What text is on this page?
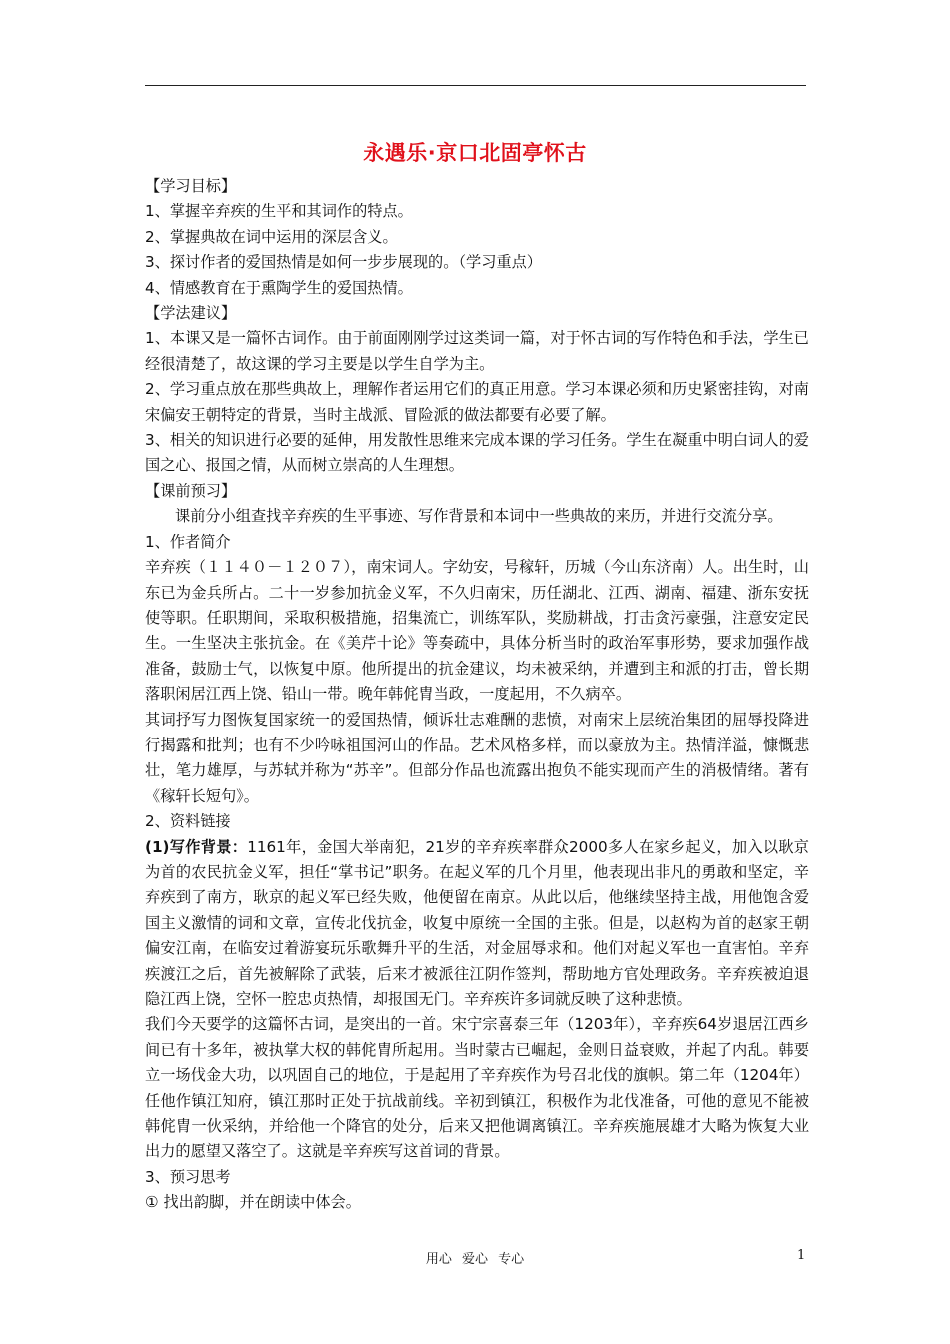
永遇乐·京口北固亭怀古

【学习目标】

1、掌握辛弃疾的生平和其词作的特点。

2、掌握典故在词中运用的深层含义。

3、探讨作者的爱国热情是如何一步步展现的。（学习重点）

4、情感教育在于熏陶学生的爱国热情。

【学法建议】

1、本课又是一篇怀古词作。由于前面刚刚学过这类词一篇，对于怀古词的写作特色和手法，学生已经很清楚了，故这课的学习主要是以学生自学为主。

2、学习重点放在那些典故上，理解作者运用它们的真正用意。学习本课必须和历史紧密挂钩，对南宋偏安王朝特定的背景，当时主战派、冒险派的做法都要有必要了解。

3、相关的知识进行必要的延伸，用发散性思维来完成本课的学习任务。学生在凝重中明白词人的爱国之心、报国之情，从而树立崇高的人生理想。

【课前预习】

课前分小组查找辛弃疾的生平事迹、写作背景和本词中一些典故的来历，并进行交流分享。

1、作者简介

辛弃疾（１１４０－１２０７），南宋词人。字幼安，号稼轩，历城（今山东济南）人。出生时，山东已为金兵所占。二十一岁参加抗金义军，不久归南宋，历任湖北、江西、湖南、福建、浙东安抚使等职。任职期间，采取积极措施，招集流亡，训练军队，奖励耕战，打击贪污豪强，注意安定民生。一生坚决主张抗金。在《美芹十论》等奏疏中，具体分析当时的政治军事形势，要求加强作战准备，鼓励士气，以恢复中原。他所提出的抗金建议，均未被采纳，并遭到主和派的打击，曾长期落职闲居江西上饶、铅山一带。晚年韩侂胄当政，一度起用，不久病卒。

其词抒写力图恢复国家统一的爱国热情，倾诉壮志难酬的悲愤，对南宋上层统治集团的屈辱投降进行揭露和批判；也有不少吟咏祖国河山的作品。艺术风格多样，而以豪放为主。热情洋溢，慷慨悲壮，笔力雄厚，与苏轼并称为“苏辛”。但部分作品也流露出抱负不能实现而产生的消极情绪。著有《稼轩长短句》。

2、资料链接

(1)写作背景：1161年，金国大举南犯，21岁的辛弃疾率群众2000多人在家乡起义，加入以耿京为首的农民抗金义军，担任“掌书记”职务。在起义军的几个月里，他表现出非凡的勇敢和坚定，辛弃疾到了南方，耿京的起义军已经失败，他便留在南京。从此以后，他继续坚持主战，用他饱含爱国主义激情的词和文章，宣传北伐抗金，收复中原统一全国的主张。但是，以赵构为首的赵家王朝偏安江南，在临安过着游宴玩乐歌舞升平的生活，对金屈辱求和。他们对起义军也一直害怕。辛弃疾渡江之后，首先被解除了武装，后来才被派往江阴作签判，帮助地方官处理政务。辛弃疾被迫退隐江西上饶，空怀一腔忠贞热情，却报国无门。辛弃疾许多词就反映了这种悲愤。

我们今天要学的这篇怀古词，是突出的一首。宋宁宗喜泰三年（1203年），辛弃疾64岁退居江西乡间已有十多年，被执掌大权的韩侂胄所起用。当时蒙古已崛起，金则日益衰败，并起了内乱。韩要立一场伐金大功，以巩固自己的地位，于是起用了辛弃疾作为号召北伐的旗帜。第二年（1204年）任他作镇江知府，镇江那时正处于抗战前线。辛初到镇江，积极作为北伐准备，可他的意见不能被韩侂胄一伙采纳，并给他一个降官的处分，后来又把他调离镇江。辛弃疾施展雄才大略为恢复大业出力的愿望又落空了。这就是辛弃疾写这首词的背景。

3、预习思考

① 找出韵脚，并在朗读中体会。

用心 爱心 专心	1
